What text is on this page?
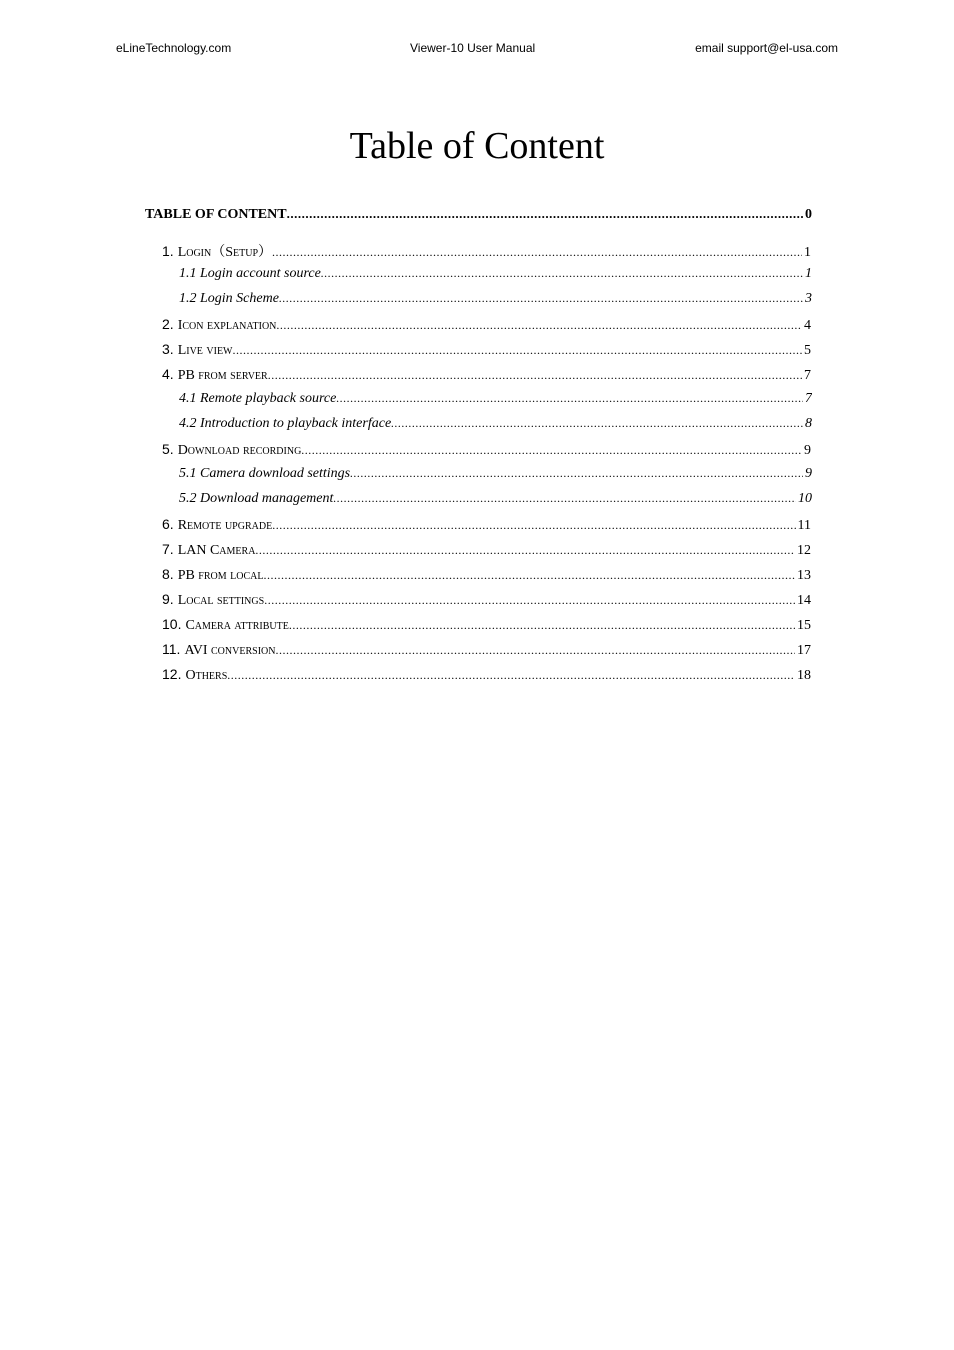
eLineTechnology.com	Viewer-10 User Manual	email support@el-usa.com
Table of Content
TABLE OF CONTENT .....	0
1. Login（Setup） .....	1
1.1 Login account source .....	1
1.2 Login Scheme .....	3
2. Icon explanation .....	4
3. Live view .....	5
4. PB from server .....	7
4.1 Remote playback source .....	7
4.2 Introduction to playback interface .....	8
5. Download recording .....	9
5.1 Camera download settings .....	9
5.2 Download management .....	10
6. Remote upgrade .....	11
7. LAN Camera .....	12
8. PB from local .....	13
9. Local settings .....	14
10. Camera attribute .....	15
11. AVI conversion .....	17
12. Others .....	18
